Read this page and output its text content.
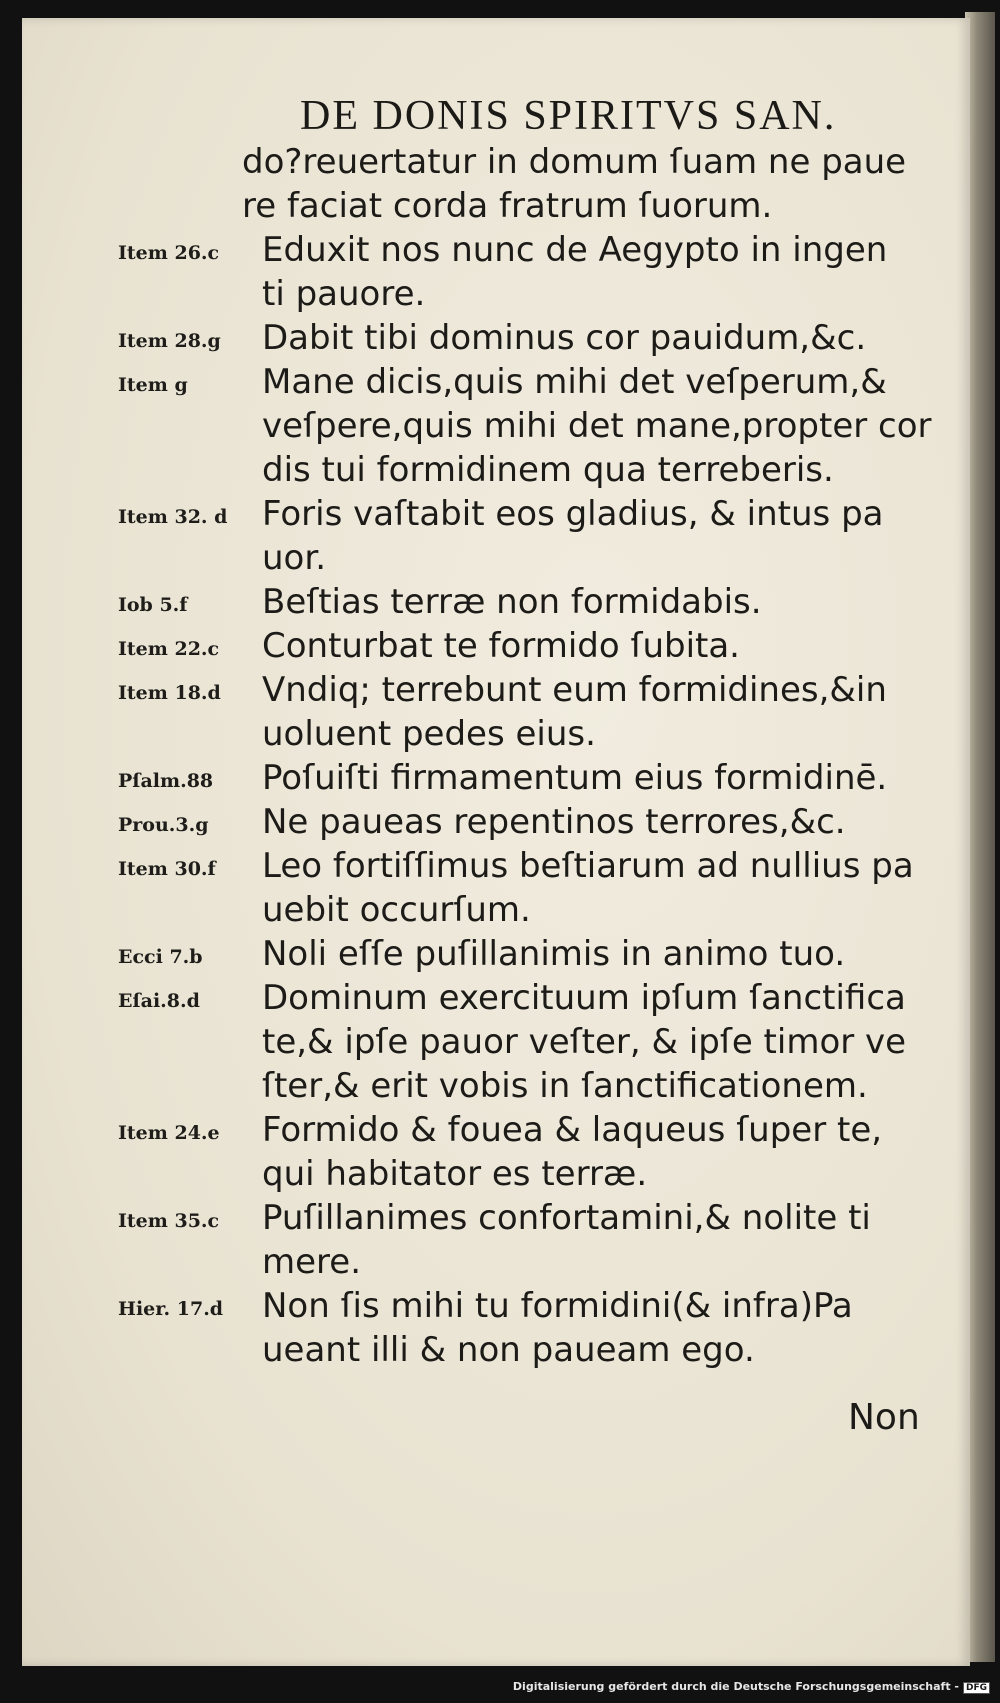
DE DONIS SPIRITVS SAN.
do?reuertatur in domum ſuam ne paue
re faciat corda fratrum ſuorum.
Item 26.c	Eduxit nos nunc de Aegypto in ingen
ti pauore.
Item 28.g	Dabit tibi dominus cor pauidum,&c.
Item g	Mane dicis,quis mihi det veſperum,&
veſpere,quis mihi det mane,propter cor
dis tui formidinem qua terreberis.
Item 32. d	Foris vaſtabit eos gladius, & intus pa
uor.
Iob 5.f	Beſtias terræ non formidabis.
Item 22.c	Conturbat te formido ſubita.
Item 18.d	Vndiq; terrebunt eum formidines,&in
uoluent pedes eius.
Pſalm.88	Poſuiſti firmamentum eius formidinē.
Prou.3.g	Ne paueas repentinos terrores,&c.
Item 30.f	Leo fortiſſimus beſtiarum ad nullius pa
uebit occurſum.
Ecci 7.b	Noli eſſe puſillanimis in animo tuo.
Eſai.8.d	Dominum exercituum ipſum ſanctifica
te,& ipſe pauor veſter, & ipſe timor ve
ſter,& erit vobis in ſanctificationem.
Item 24.e	Formido & fouea & laqueus ſuper te,
qui habitator es terræ.
Item 35.c	Puſillanimes confortamini,& nolite ti
mere.
Hier. 17.d	Non ſis mihi tu formidini(& infra)Pa
ueant illi & non paueam ego.
Non
Digitalisierung gefördert durch die Deutsche Forschungsgemeinschaft - DFG
